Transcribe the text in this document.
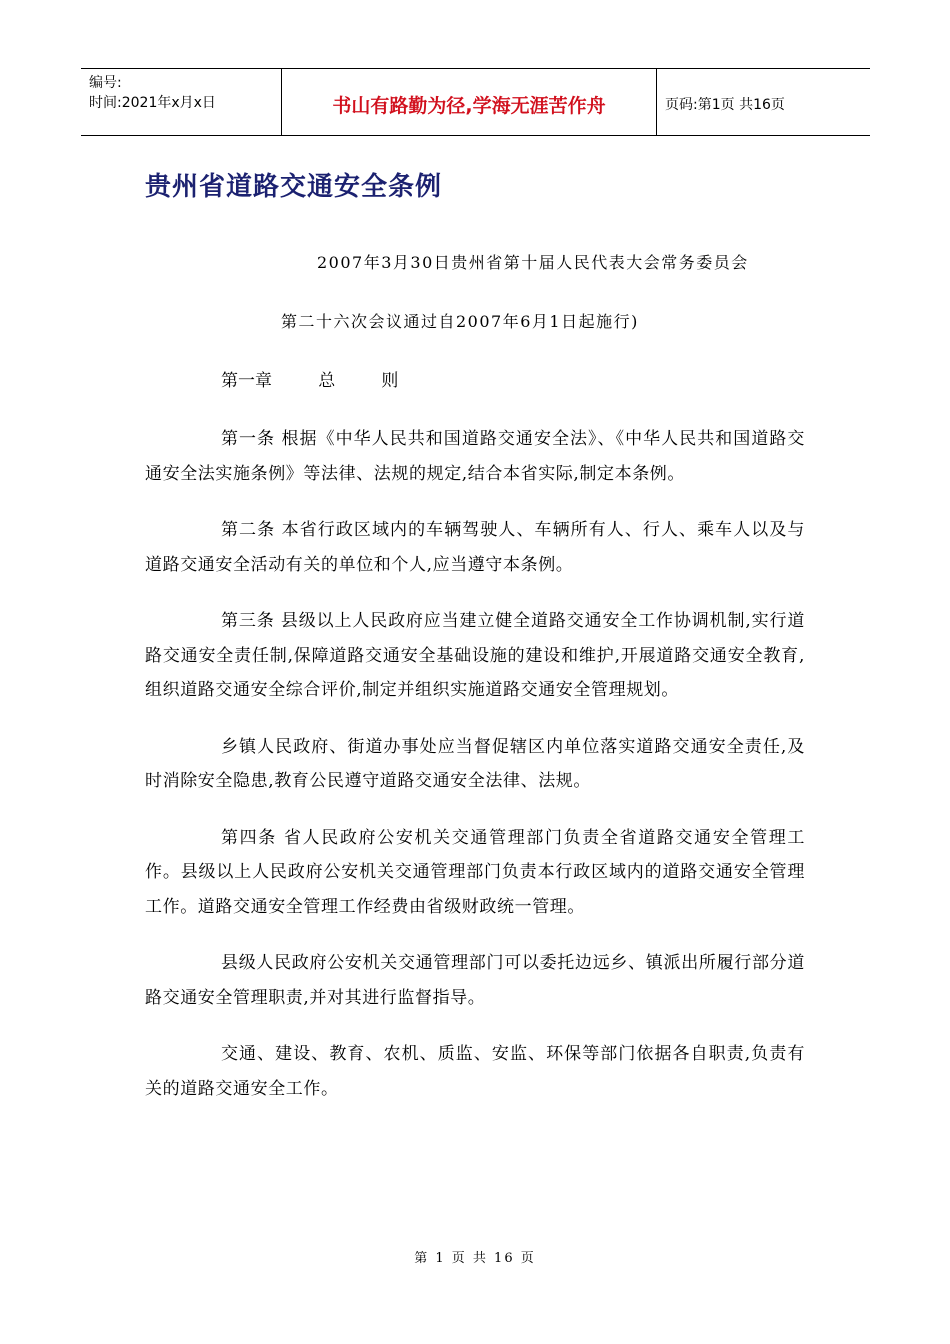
编号:
时间:2021年x月x日	书山有路勤为径,学海无涯苦作舟	页码:第1页 共16页
贵州省道路交通安全条例
2007年3月30日贵州省第十届人民代表大会常务委员会
第二十六次会议通过自2007年6月1日起施行)
第一章   总   则

第一条 根据《中华人民共和国道路交通安全法》、《中华人民共和国道路交通安全法实施条例》等法律、法规的规定,结合本省实际,制定本条例。

第二条 本省行政区域内的车辆驾驶人、车辆所有人、行人、乘车人以及与道路交通安全活动有关的单位和个人,应当遵守本条例。

第三条 县级以上人民政府应当建立健全道路交通安全工作协调机制,实行道路交通安全责任制,保障道路交通安全基础设施的建设和维护,开展道路交通安全教育,组织道路交通安全综合评价,制定并组织实施道路交通安全管理规划。

乡镇人民政府、街道办事处应当督促辖区内单位落实道路交通安全责任,及时消除安全隐患,教育公民遵守道路交通安全法律、法规。

第四条 省人民政府公安机关交通管理部门负责全省道路交通安全管理工作。县级以上人民政府公安机关交通管理部门负责本行政区域内的道路交通安全管理工作。道路交通安全管理工作经费由省级财政统一管理。

县级人民政府公安机关交通管理部门可以委托边远乡、镇派出所履行部分道路交通安全管理职责,并对其进行监督指导。

交通、建设、教育、农机、质监、安监、环保等部门依据各自职责,负责有关的道路交通安全工作。

第 1 页 共 16 页
